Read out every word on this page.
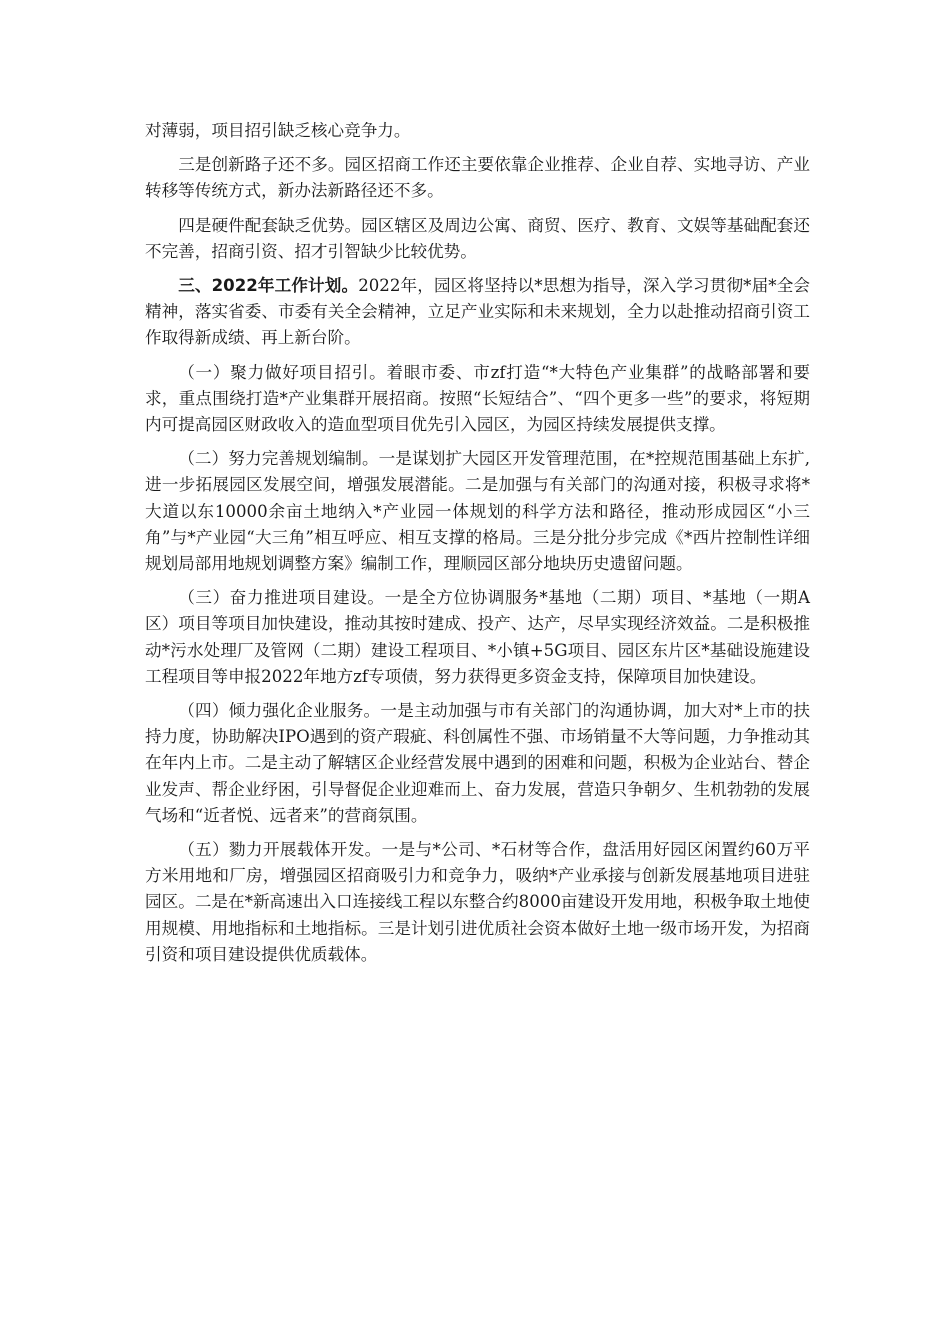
对薄弱，项目招引缺乏核心竞争力。

三是创新路子还不多。园区招商工作还主要依靠企业推荐、企业自荐、实地寻访、产业转移等传统方式，新办法新路径还不多。

四是硬件配套缺乏优势。园区辖区及周边公寓、商贸、医疗、教育、文娱等基础配套还不完善，招商引资、招才引智缺少比较优势。

三、2022年工作计划。2022年，园区将坚持以*思想为指导，深入学习贯彻*届*全会精神，落实省委、市委有关全会精神，立足产业实际和未来规划，全力以赴推动招商引资工作取得新成绩、再上新台阶。

（一）聚力做好项目招引。着眼市委、市zf打造“*大特色产业集群”的战略部署和要求，重点围绕打造*产业集群开展招商。按照“长短结合”、“四个更多一些”的要求，将短期内可提高园区财政收入的造血型项目优先引入园区，为园区持续发展提供支撑。

（二）努力完善规划编制。一是谋划扩大园区开发管理范围，在*控规范围基础上东扩,进一步拓展园区发展空间，增强发展潜能。二是加强与有关部门的沟通对接，积极寻求将*大道以东10000余亩土地纳入*产业园一体规划的科学方法和路径，推动形成园区“小三角”与*产业园“大三角”相互呼应、相互支撑的格局。三是分批分步完成《*西片控制性详细规划局部用地规划调整方案》编制工作，理顺园区部分地块历史遗留问题。

（三）奋力推进项目建设。一是全方位协调服务*基地（二期）项目、*基地（一期A区）项目等项目加快建设，推动其按时建成、投产、达产，尽早实现经济效益。二是积极推动*污水处理厂及管网（二期）建设工程项目、*小镇+5G项目、园区东片区*基础设施建设工程项目等申报2022年地方zf专项债，努力获得更多资金支持，保障项目加快建设。

（四）倾力强化企业服务。一是主动加强与市有关部门的沟通协调，加大对*上市的扶持力度，协助解决IPO遇到的资产瑕疵、科创属性不强、市场销量不大等问题，力争推动其在年内上市。二是主动了解辖区企业经营发展中遇到的困难和问题，积极为企业站台、替企业发声、帮企业纾困，引导督促企业迎难而上、奋力发展，营造只争朝夕、生机勃勃的发展气场和“近者悦、远者来”的营商氛围。

（五）勠力开展载体开发。一是与*公司、*石材等合作，盘活用好园区闲置约60万平方米用地和厂房，增强园区招商吸引力和竞争力，吸纳*产业承接与创新发展基地项目进驻园区。二是在*新高速出入口连接线工程以东整合约8000亩建设开发用地，积极争取土地使用规模、用地指标和土地指标。三是计划引进优质社会资本做好土地一级市场开发，为招商引资和项目建设提供优质载体。
